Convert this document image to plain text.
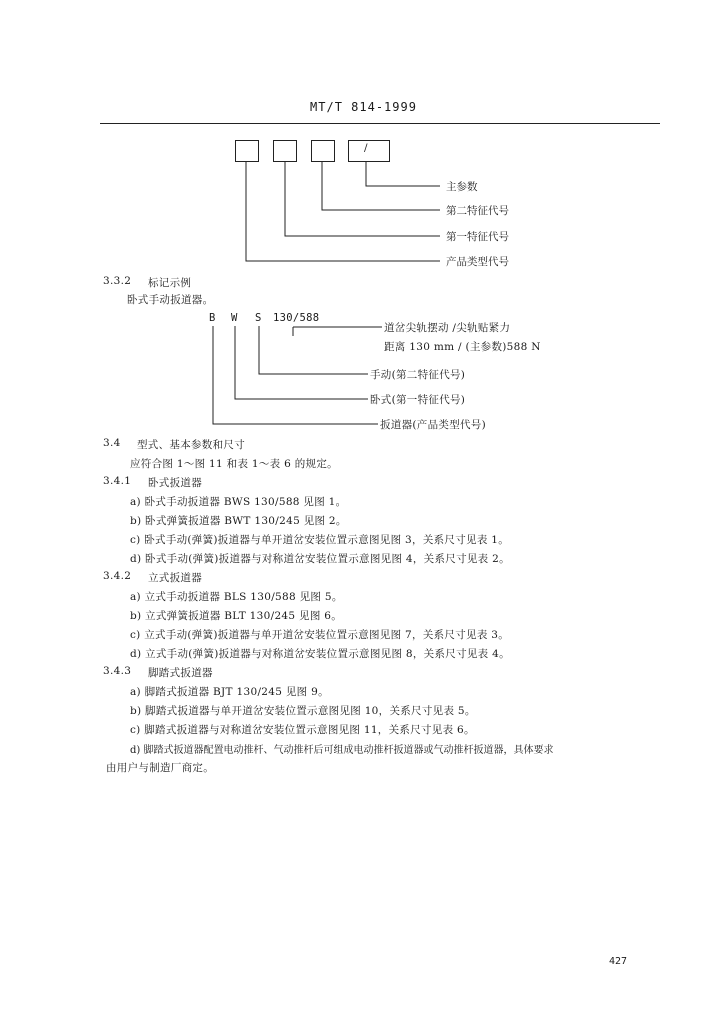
MT/T 814-1999
/
主参数
第二特征代号
第一特征代号
产品类型代号
3.3.2 标记示例
卧式手动扳道器。
B W S 130/588
道岔尖轨摆动 /尖轨贴紧力
距离 130 mm / (主参数)588 N
手动(第二特征代号)
卧式(第一特征代号)
扳道器(产品类型代号)
3.4 型式、基本参数和尺寸
应符合图 1～图 11 和表 1～表 6 的规定。
3.4.1 卧式扳道器
a) 卧式手动扳道器 BWS 130/588 见图 1。
b) 卧式弹簧扳道器 BWT 130/245 见图 2。
c) 卧式手动(弹簧)扳道器与单开道岔安装位置示意图见图 3，关系尺寸见表 1。
d) 卧式手动(弹簧)扳道器与对称道岔安装位置示意图见图 4，关系尺寸见表 2。
3.4.2 立式扳道器
a) 立式手动扳道器 BLS 130/588 见图 5。
b) 立式弹簧扳道器 BLT 130/245 见图 6。
c) 立式手动(弹簧)扳道器与单开道岔安装位置示意图见图 7，关系尺寸见表 3。
d) 立式手动(弹簧)扳道器与对称道岔安装位置示意图见图 8，关系尺寸见表 4。
3.4.3 脚踏式扳道器
a) 脚踏式扳道器 BJT 130/245 见图 9。
b) 脚踏式扳道器与单开道岔安装位置示意图见图 10，关系尺寸见表 5。
c) 脚踏式扳道器与对称道岔安装位置示意图见图 11，关系尺寸见表 6。
d) 脚踏式扳道器配置电动推杆、气动推杆后可组成电动推杆扳道器或气动推杆扳道器，具体要求
由用户与制造厂商定。
427
